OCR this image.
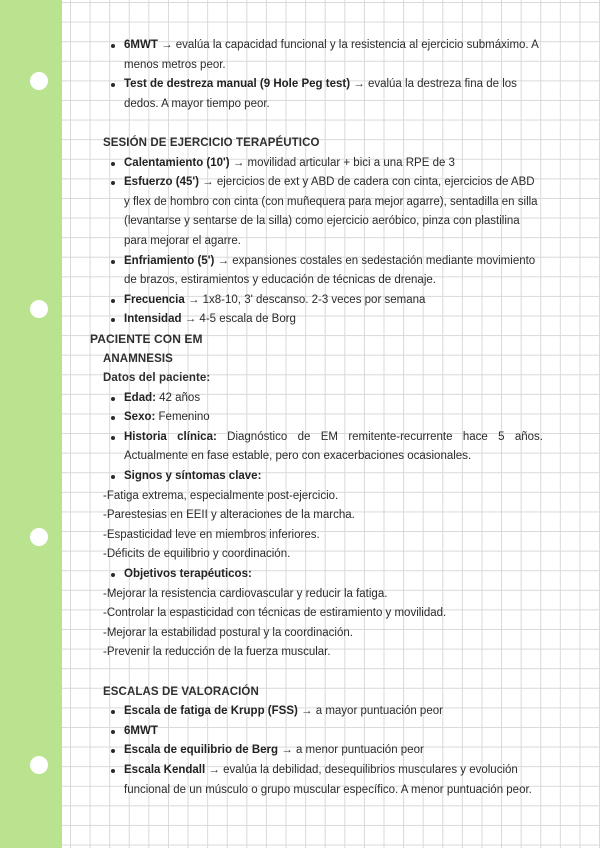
6MWT → evalúa la capacidad funcional y la resistencia al ejercicio submáximo. A menos metros peor.
Test de destreza manual (9 Hole Peg test) → evalúa la destreza fina de los dedos. A mayor tiempo peor.

SESIÓN DE EJERCICIO TERAPÉUTICO

Calentamiento (10') → movilidad articular + bici a una RPE de 3
Esfuerzo (45') → ejercicios de ext y ABD de cadera con cinta, ejercicios de ABD y flex de hombro con cinta (con muñequera para mejor agarre), sentadilla en silla (levantarse y sentarse de la silla) como ejercicio aeróbico, pinza con plastilina para mejorar el agarre.
Enfriamiento (5') → expansiones costales en sedestación mediante movimiento de brazos, estiramientos y educación de técnicas de drenaje.
Frecuencia → 1x8-10, 3' descanso. 2-3 veces por semana
Intensidad → 4-5 escala de Borg

PACIENTE CON EM

ANAMNESIS

Datos del paciente:

Edad: 42 años
Sexo: Femenino
Historia clínica: Diagnóstico de EM remitente-recurrente hace 5 años. Actualmente en fase estable, pero con exacerbaciones ocasionales.
Signos y síntomas clave:

-Fatiga extrema, especialmente post-ejercicio.

-Parestesias en EEII y alteraciones de la marcha.

-Espasticidad leve en miembros inferiores.

-Déficits de equilibrio y coordinación.

Objetivos terapéuticos:

-Mejorar la resistencia cardiovascular y reducir la fatiga.

-Controlar la espasticidad con técnicas de estiramiento y movilidad.

-Mejorar la estabilidad postural y la coordinación.

-Prevenir la reducción de la fuerza muscular.

ESCALAS DE VALORACIÓN

Escala de fatiga de Krupp (FSS) → a mayor puntuación peor
6MWT
Escala de equilibrio de Berg → a menor puntuación peor
Escala Kendall → evalúa la debilidad, desequilibrios musculares y evolución funcional de un músculo o grupo muscular específico. A menor puntuación peor.
